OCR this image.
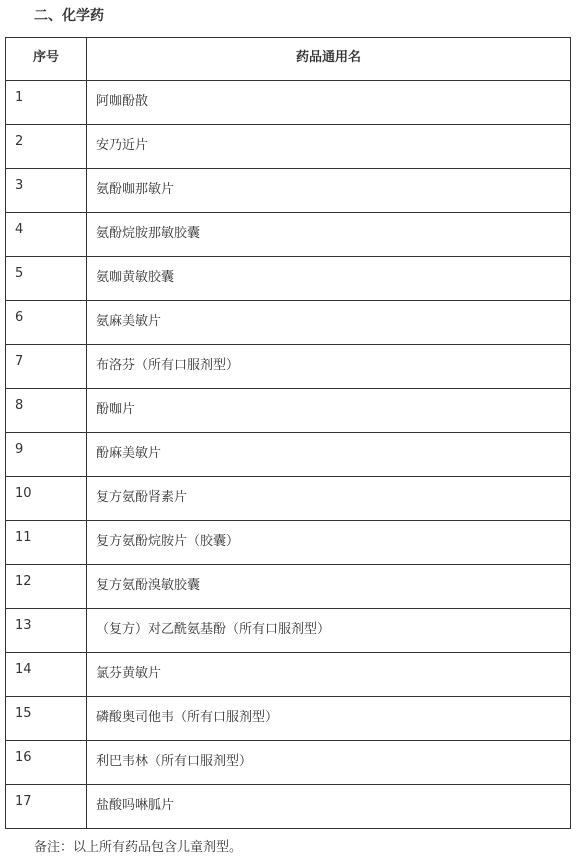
二、化学药
序号	药品通用名
1	阿咖酚散
2	安乃近片
3	氨酚咖那敏片
4	氨酚烷胺那敏胶囊
5	氨咖黄敏胶囊
6	氨麻美敏片
7	布洛芬（所有口服剂型）
8	酚咖片
9	酚麻美敏片
10	复方氨酚肾素片
11	复方氨酚烷胺片（胶囊）
12	复方氨酚溴敏胶囊
13	（复方）对乙酰氨基酚（所有口服剂型）
14	氯芬黄敏片
15	磷酸奥司他韦（所有口服剂型）
16	利巴韦林（所有口服剂型）
17	盐酸吗啉胍片
备注：以上所有药品包含儿童剂型。
